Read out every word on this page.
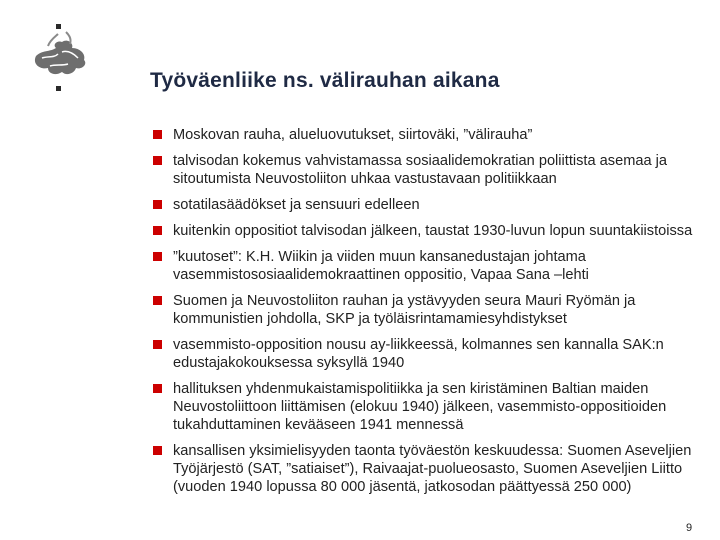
Työväenliike ns. välirauhan aikana
Moskovan rauha, alueluovutukset, siirtoväki, ”välirauha”
talvisodan kokemus vahvistamassa sosiaalidemokratian poliittista asemaa ja sitoutumista Neuvostoliiton uhkaa vastustavaan politiikkaan
sotatilasäädökset ja sensuuri edelleen
kuitenkin oppositiot talvisodan jälkeen, taustat 1930-luvun lopun suuntakiistoissa
”kuutoset”: K.H. Wiikin ja viiden muun kansanedustajan johtama vasemmistososiaalidemokraattinen oppositio, Vapaa Sana –lehti
Suomen ja Neuvostoliiton rauhan ja ystävyyden seura Mauri Ryömän ja kommunistien johdolla, SKP ja työläisrintamamiesyhdistykset
vasemmisto-opposition nousu ay-liikkeessä, kolmannes sen kannalla SAK:n edustajakokouksessa syksyllä 1940
hallituksen yhdenmukaistamispolitiikka ja sen kiristäminen Baltian maiden Neuvostoliittoon liittämisen (elokuu 1940) jälkeen, vasemmisto-oppositioiden tukahduttaminen kevääseen 1941 mennessä
kansallisen yksimielisyyden taonta työväestön keskuudessa: Suomen Aseveljien Työjärjestö (SAT, ”satiaiset”), Raivaajat-puolueosasto, Suomen Aseveljien Liitto (vuoden 1940 lopussa 80 000 jäsentä, jatkosodan päättyessä 250 000)
9
